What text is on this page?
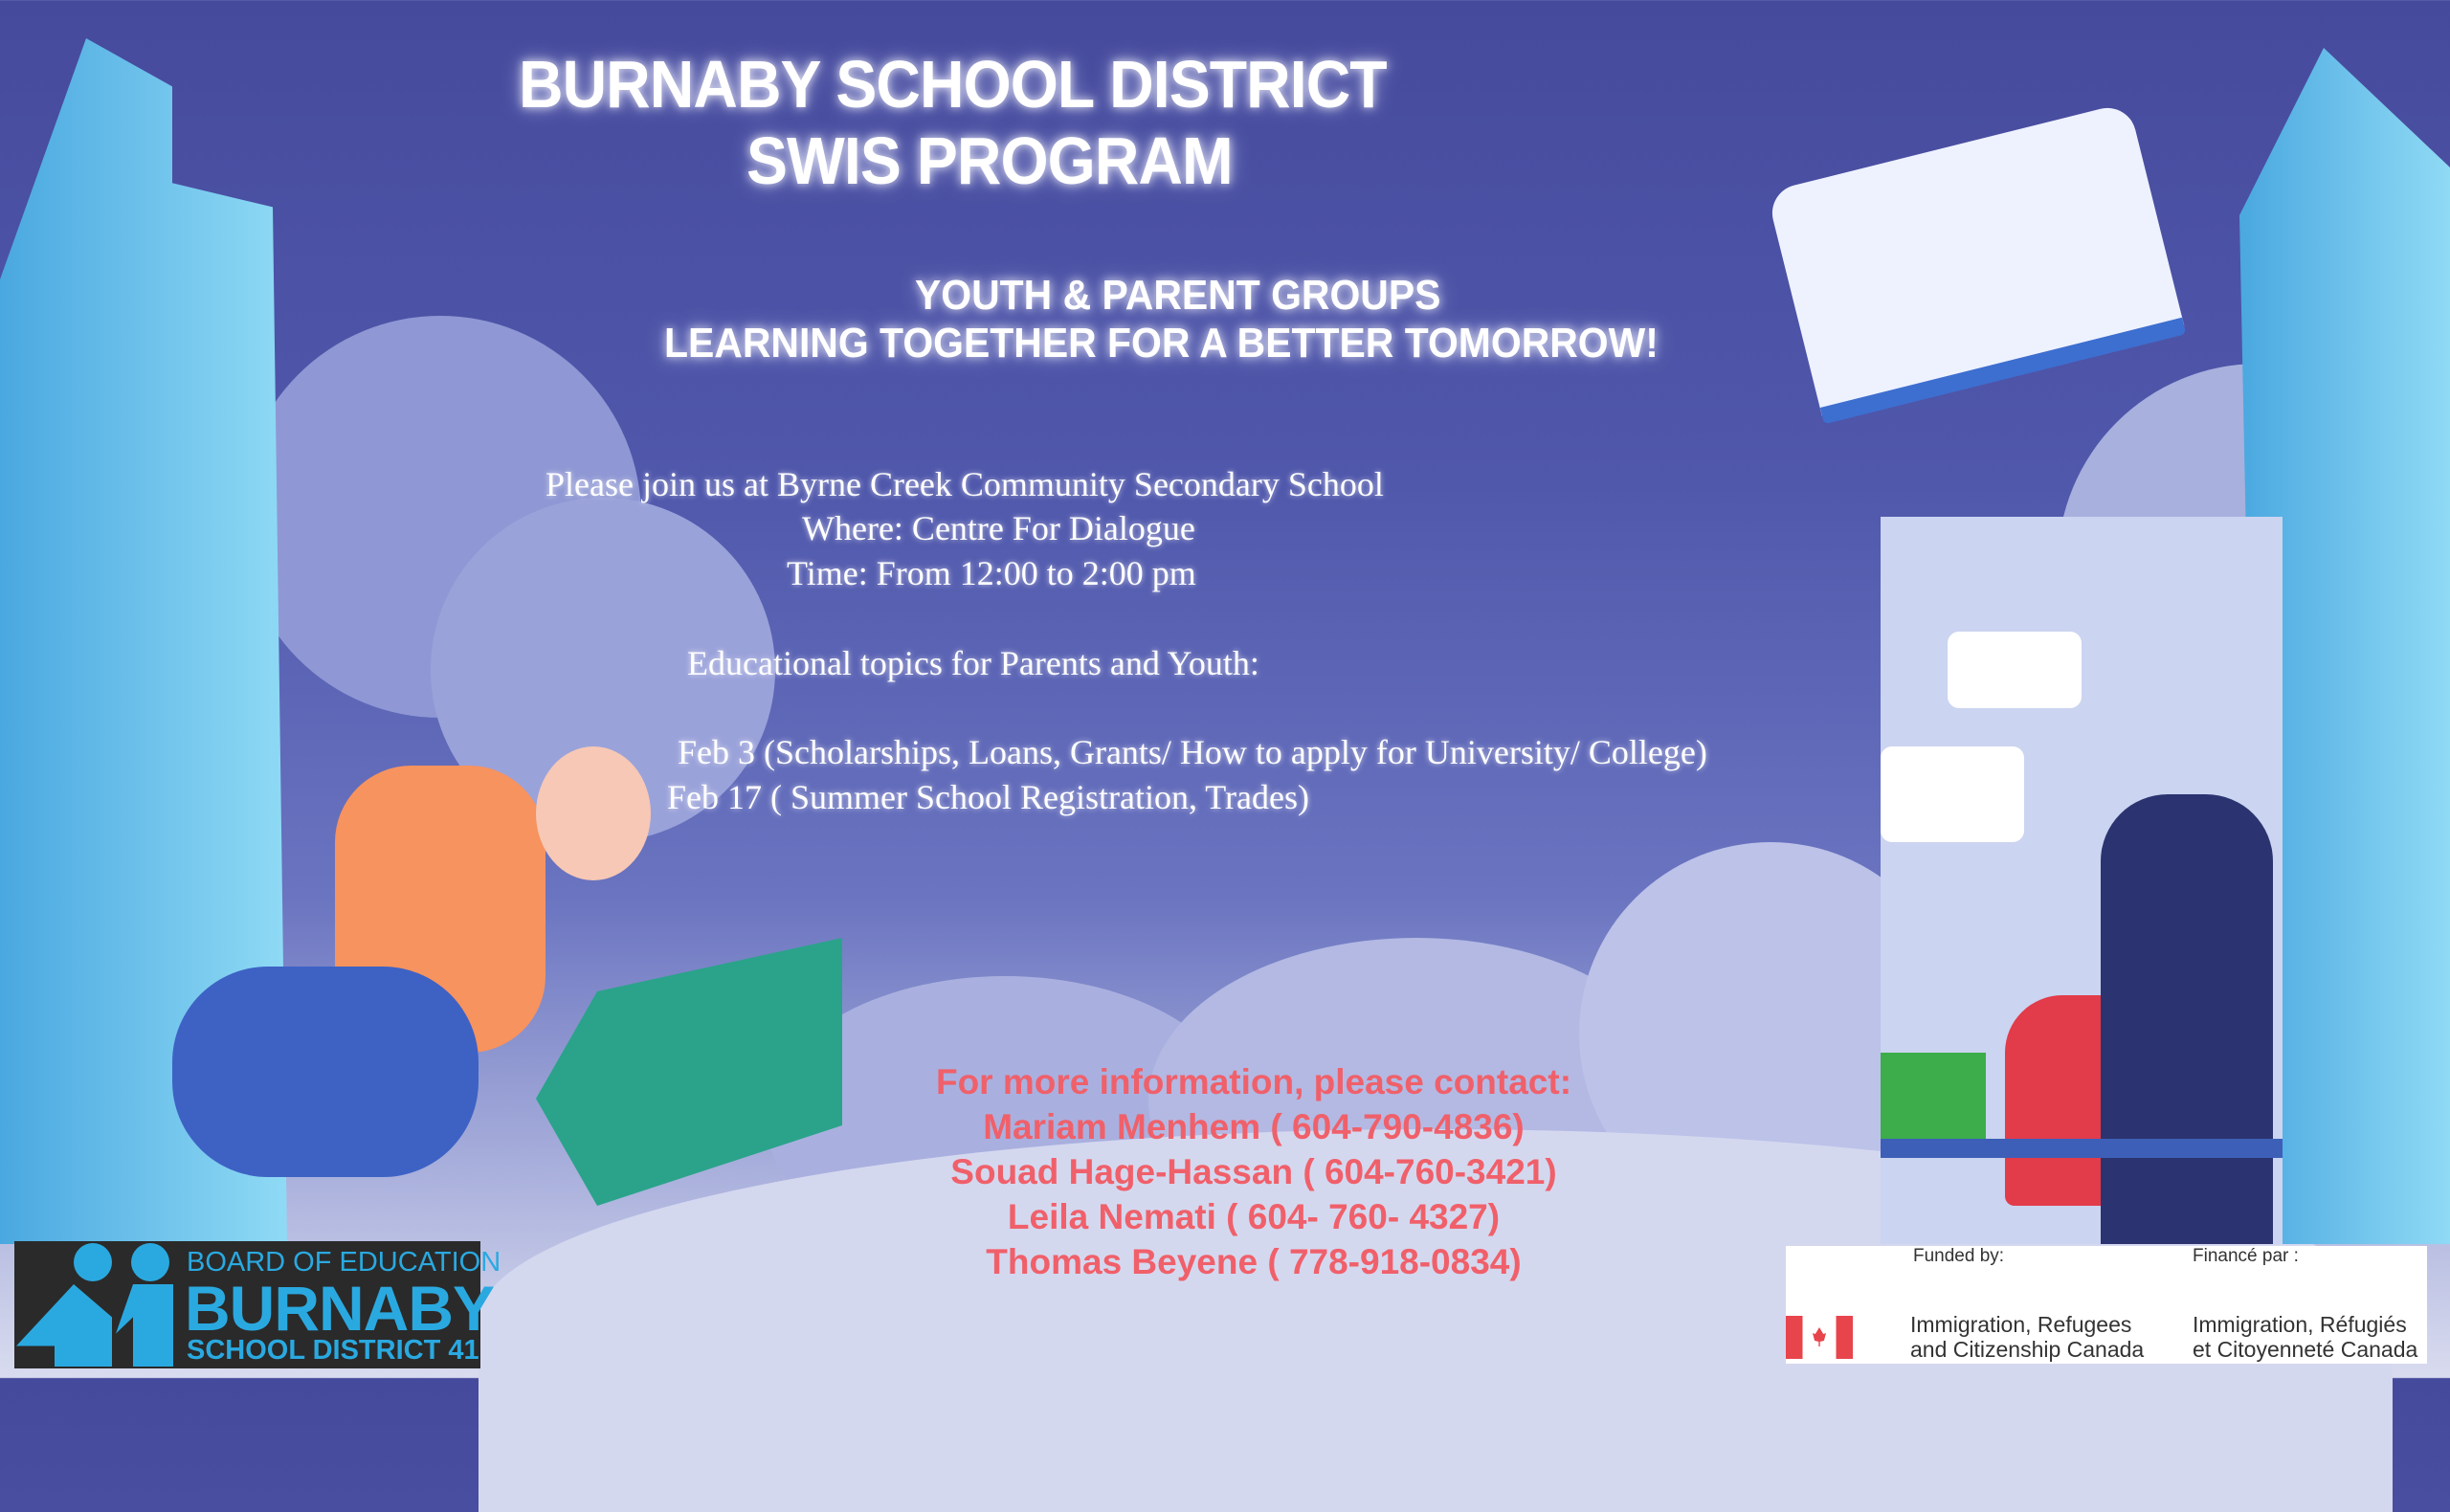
BURNABY SCHOOL DISTRICT
SWIS PROGRAM
YOUTH & PARENT GROUPS
LEARNING TOGETHER FOR A BETTER TOMORROW!
Please join us at Byrne Creek Community Secondary School
Where: Centre For Dialogue
Time: From 12:00 to 2:00 pm
Educational topics for Parents and Youth:
Feb 3 (Scholarships, Loans, Grants/ How to apply for University/ College)
Feb 17 ( Summer School Registration, Trades)
For more information, please contact:
Mariam Menhem ( 604-790-4836)
Souad Hage-Hassan ( 604-760-3421)
Leila Nemati ( 604- 760- 4327)
Thomas Beyene ( 778-918-0834)
BOARD OF EDUCATION
BURNABY
SCHOOL DISTRICT 41
Funded by:	Financé par :
Immigration, Refugees
and Citizenship Canada
Immigration, Réfugiés
et Citoyenneté Canada
